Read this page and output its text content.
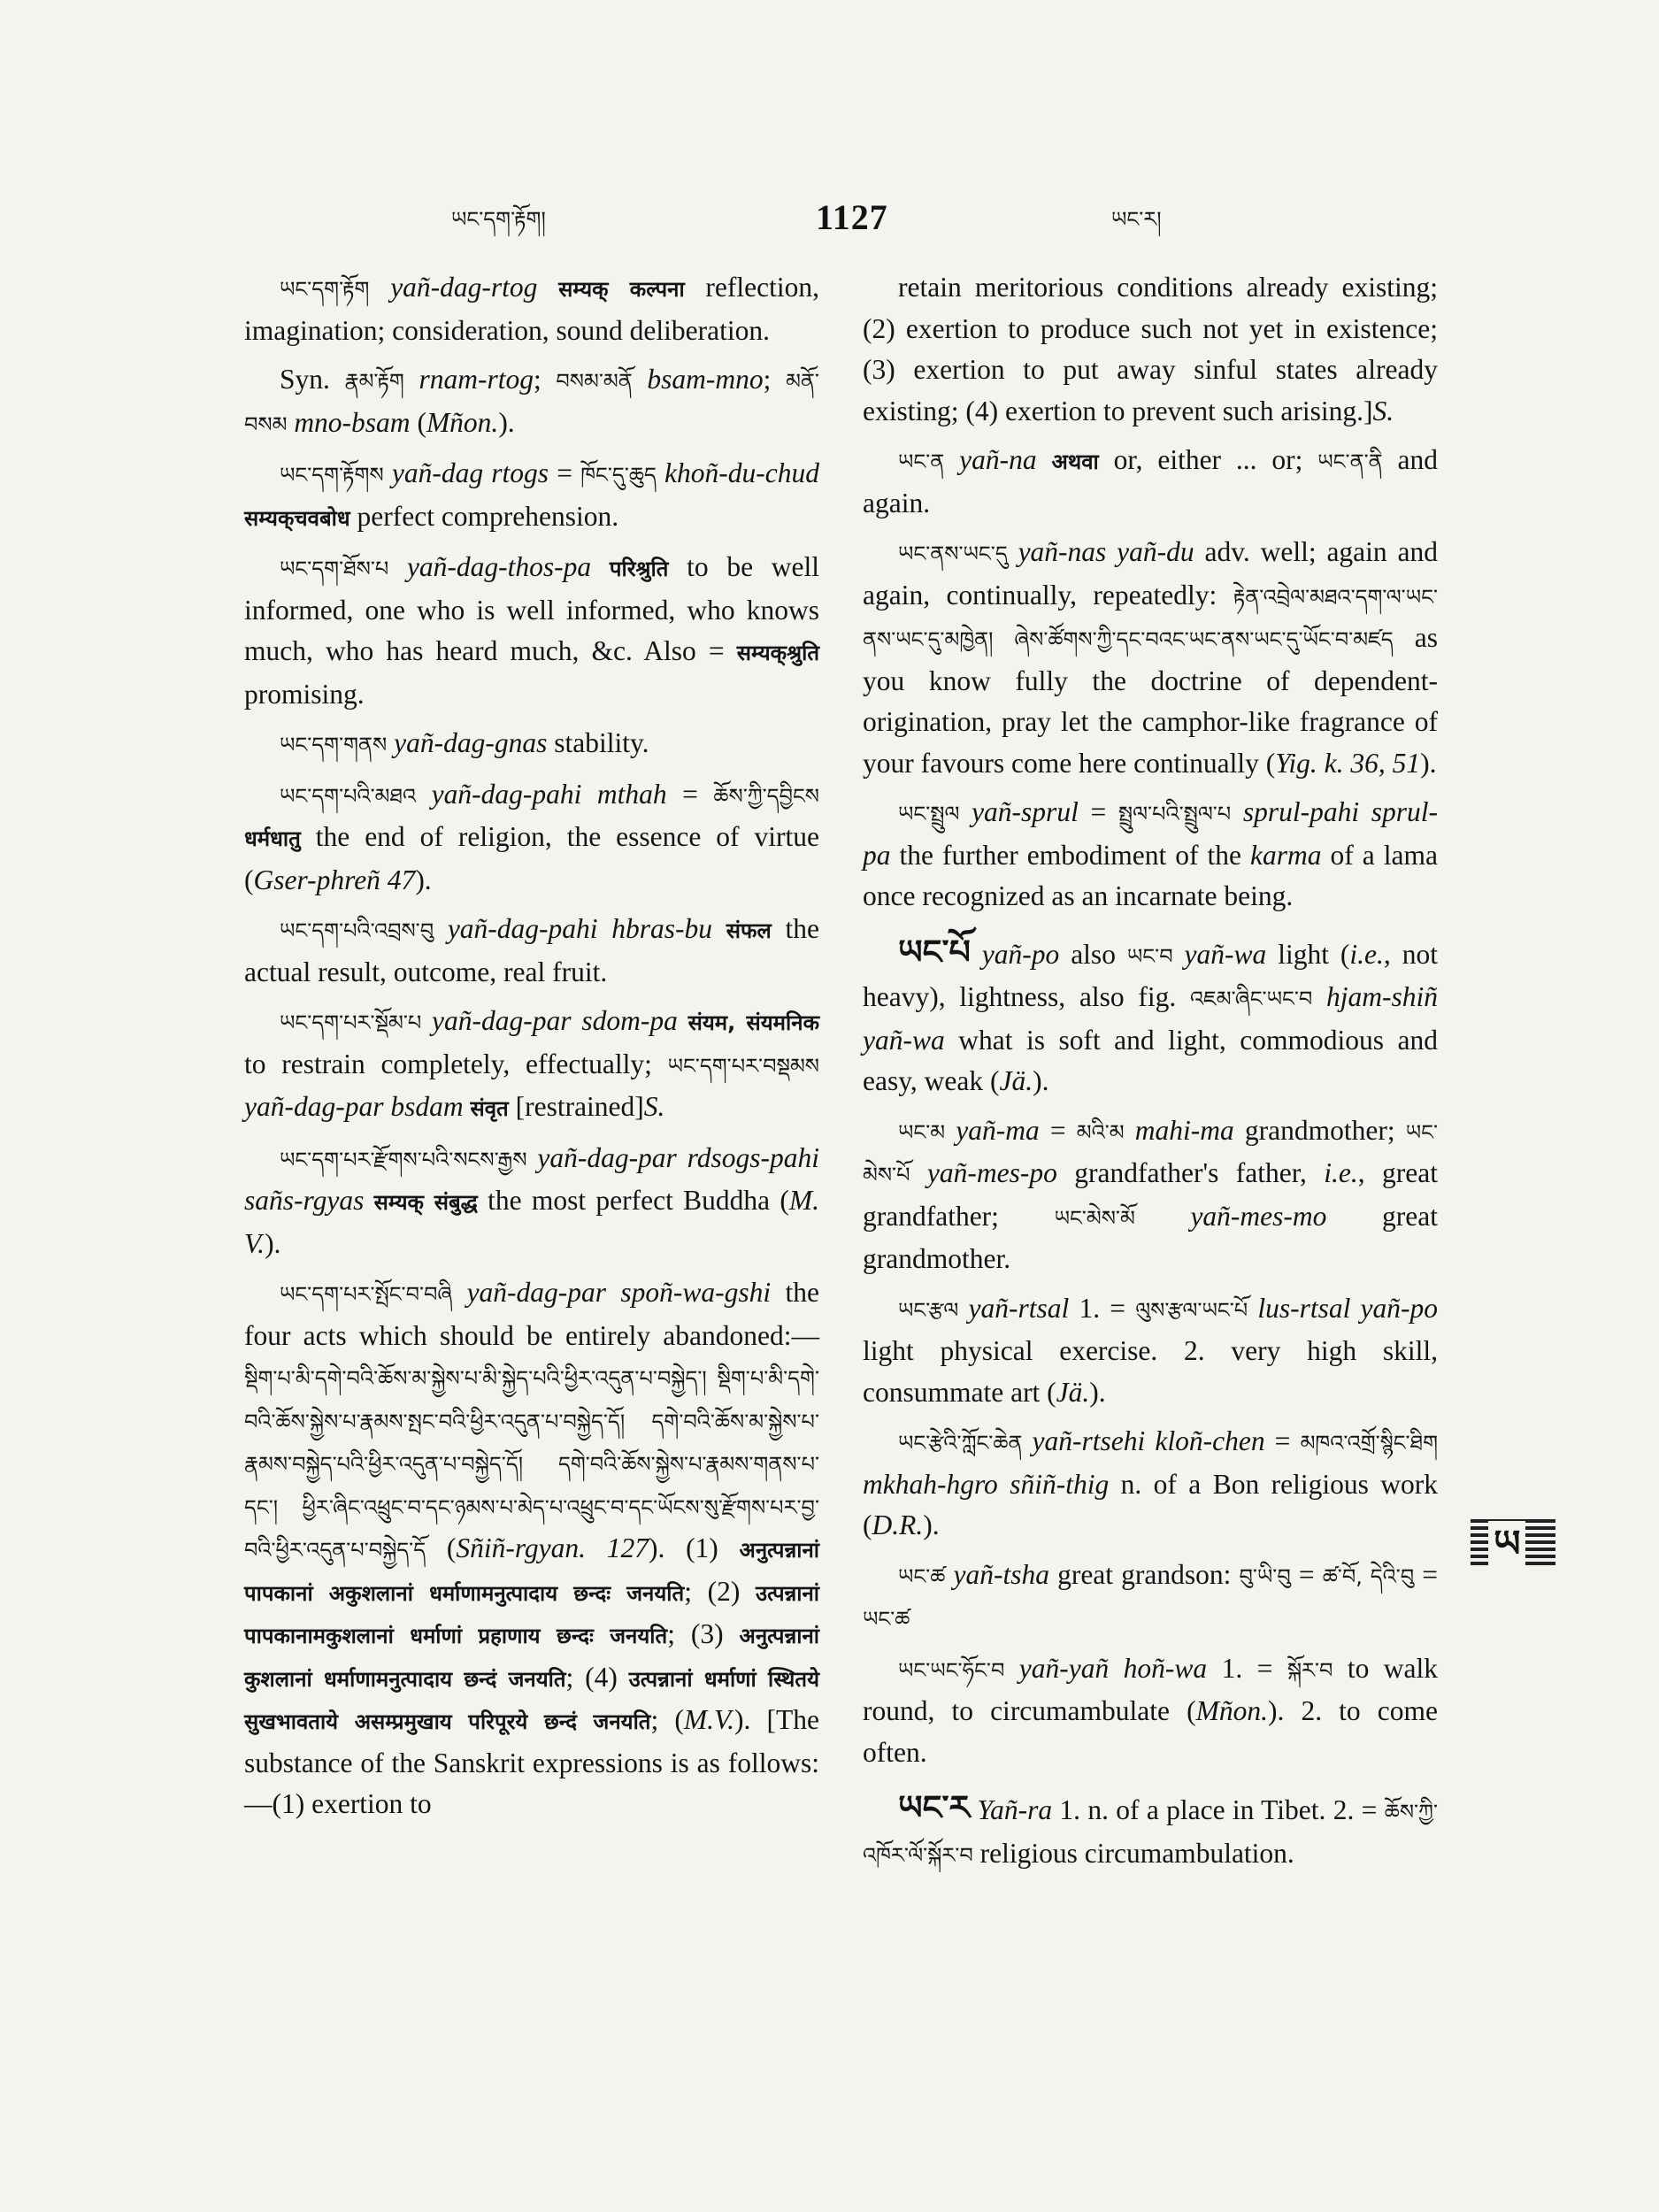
ཡང་དག་རྟོག།	1127	ཡང་ར།

ཡང་དག་རྟོག yañ-dag-rtog सम्यक् कल्पना reflection, imagination; consideration, sound deliberation.

Syn. རྣམ་རྟོག rnam-rtog; བསམ་མནོ bsam-mno; མནོ་བསམ mno-bsam (Mñon.).

ཡང་དག་རྟོགས yañ-dag rtogs = ཁོང་དུ་ཆུད khoñ-du-chud सम्यक्‌चवबोध perfect comprehension.

ཡང་དག་ཐོས་པ yañ-dag-thos-pa परिश्रुति to be well informed, one who is well informed, who knows much, who has heard much, &c. Also = सम्यक्‌श्रुति promising.

ཡང་དག་གནས yañ-dag-gnas stability.

ཡང་དག་པའི་མཐའ yañ-dag-pahi mthah = ཆོས་ཀྱི་དབྱིངས धर्मधातु the end of religion, the essence of virtue (Gser-phreñ 47).

ཡང་དག་པའི་འབྲས་བུ yañ-dag-pahi hbras-bu संफल the actual result, outcome, real fruit.

ཡང་དག་པར་སྡོམ་པ yañ-dag-par sdom-pa संयम, संयमनिक to restrain completely, effectually; ཡང་དག་པར་བསྡམས yañ-dag-par bsdam संवृत [restrained]S.

ཡང་དག་པར་རྫོགས་པའི་སངས་རྒྱས yañ-dag-par rdsogs-pahi sañs-rgyas सम्यक् संबुद्ध the most perfect Buddha (M. V.).

ཡང་དག་པར་སྤོང་བ་བཞི yañ-dag-par spoñ-wa-gshi the four acts which should be entirely abandoned:— སྡིག་པ་མི་དགེ་བའི་ཆོས་མ་སྐྱེས་པ་མི་སྐྱེད་པའི་ཕྱིར་འདུན་པ་བསྐྱེད་། སྡིག་པ་མི་དགེ་བའི་ཆོས་སྐྱེས་པ་རྣམས་སྤང་བའི་ཕྱིར་འདུན་པ་བསྐྱེད་དོ། དགེ་བའི་ཆོས་མ་སྐྱེས་པ་རྣམས་བསྐྱེད་པའི་ཕྱིར་འདུན་པ་བསྐྱེད་དོ། དགེ་བའི་ཆོས་སྐྱེས་པ་རྣམས་གནས་པ་དང་། ཕྱིར་ཞིང་འཕྲུང་བ་དང་ཉམས་པ་མེད་པ་འཕྲུང་བ་དང་ཡོངས་སུ་རྫོགས་པར་བྱ་བའི་ཕྱིར་འདུན་པ་བསྐྱེད་དོ (Sñiñ-rgyan. 127). (1) अनुत्पन्नानां पापकानां अकुशलानां धर्माणामनुत्पादाय छन्दः जनयति; (2) उत्पन्नानां पापकानामकुशलानां धर्माणां प्रहाणाय छन्दः जनयति; (3) अनुत्पन्नानां कुशलानां धर्माणामनुत्पादाय छन्दं जनयति; (4) उत्पन्नानां धर्माणां स्थितये सुखभावताये असम्प्रमुखाय परिपूरये छन्दं जनयति; (M.V.). [The substance of the Sanskrit expressions is as follows:—(1) exertion to

retain meritorious conditions already existing; (2) exertion to produce such not yet in existence; (3) exertion to put away sinful states already existing; (4) exertion to prevent such arising.]S.

ཡང་ན yañ-na अथवा or, either ... or; ཡང་ན་ནི and again.

ཡང་ནས་ཡང་དུ yañ-nas yañ-du adv. well; again and again, continually, repeatedly: རྟེན་འབྲེལ་མཐའ་དག་ལ་ཡང་ནས་ཡང་དུ་མཁྱེན། ཞེས་ཚོགས་ཀྱི་དང་བའང་ཡང་ནས་ཡང་དུ་ཡོང་བ་མཛད as you know fully the doctrine of dependent-origination, pray let the camphor-like fragrance of your favours come here continually (Yig. k. 36, 51).

ཡང་སྤྲུལ yañ-sprul = སྤྲུལ་པའི་སྤྲུལ་པ sprul-pahi sprul-pa the further embodiment of the karma of a lama once recognized as an incarnate being.

ཡང་པོ yañ-po also ཡང་བ yañ-wa light (i.e., not heavy), lightness, also fig. འཇམ་ཞིང་ཡང་བ hjam-shiñ yañ-wa what is soft and light, commodious and easy, weak (Jä.).

ཡང་མ yañ-ma = མའི་མ mahi-ma grandmother; ཡང་མེས་པོ yañ-mes-po grandfather's father, i.e., great grandfather; ཡང་མེས་མོ yañ-mes-mo great grandmother.

ཡང་རྩལ yañ-rtsal 1. = ལུས་རྩལ་ཡང་པོ lus-rtsal yañ-po light physical exercise. 2. very high skill, consummate art (Jä.).

ཡང་རྩེའི་ཀློང་ཆེན yañ-rtsehi kloñ-chen = མཁའ་འགྲོ་སྙིང་ཐིག mkhah-hgro sñiñ-thig n. of a Bon religious work (D.R.).

ཡང་ཚ yañ-tsha great grandson: བུ་ཡི་བུ = ཚ་བོ, དེའི་བུ = ཡང་ཚ

ཡང་ཡང་ཧོང་བ yañ-yañ hoñ-wa 1. = སྐོར་བ to walk round, to circumambulate (Mñon.). 2. to come often.

ཡང་ར Yañ-ra 1. n. of a place in Tibet. 2. = ཆོས་ཀྱི་འཁོར་ལོ་སྐོར་བ religious circumambulation.

ཡ
